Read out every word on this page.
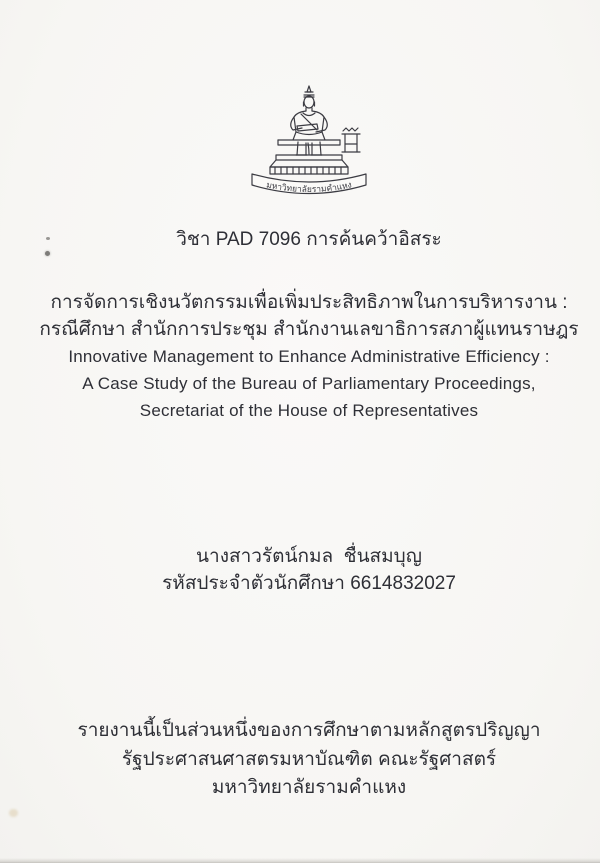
มหาวิทยาลัยรามคำแหง
วิชา PAD 7096 การค้นคว้าอิสระ
การจัดการเชิงนวัตกรรมเพื่อเพิ่มประสิทธิภาพในการบริหารงาน :
กรณีศึกษา สำนักการประชุม สำนักงานเลขาธิการสภาผู้แทนราษฎร
Innovative Management to Enhance Administrative Efficiency :
A Case Study of the Bureau of Parliamentary Proceedings,
Secretariat of the House of Representatives
นางสาวรัตน์กมล  ชื่นสมบุญ
รหัสประจำตัวนักศึกษา 6614832027
รายงานนี้เป็นส่วนหนึ่งของการศึกษาตามหลักสูตรปริญญา
รัฐประศาสนศาสตรมหาบัณฑิต คณะรัฐศาสตร์
มหาวิทยาลัยรามคำแหง
